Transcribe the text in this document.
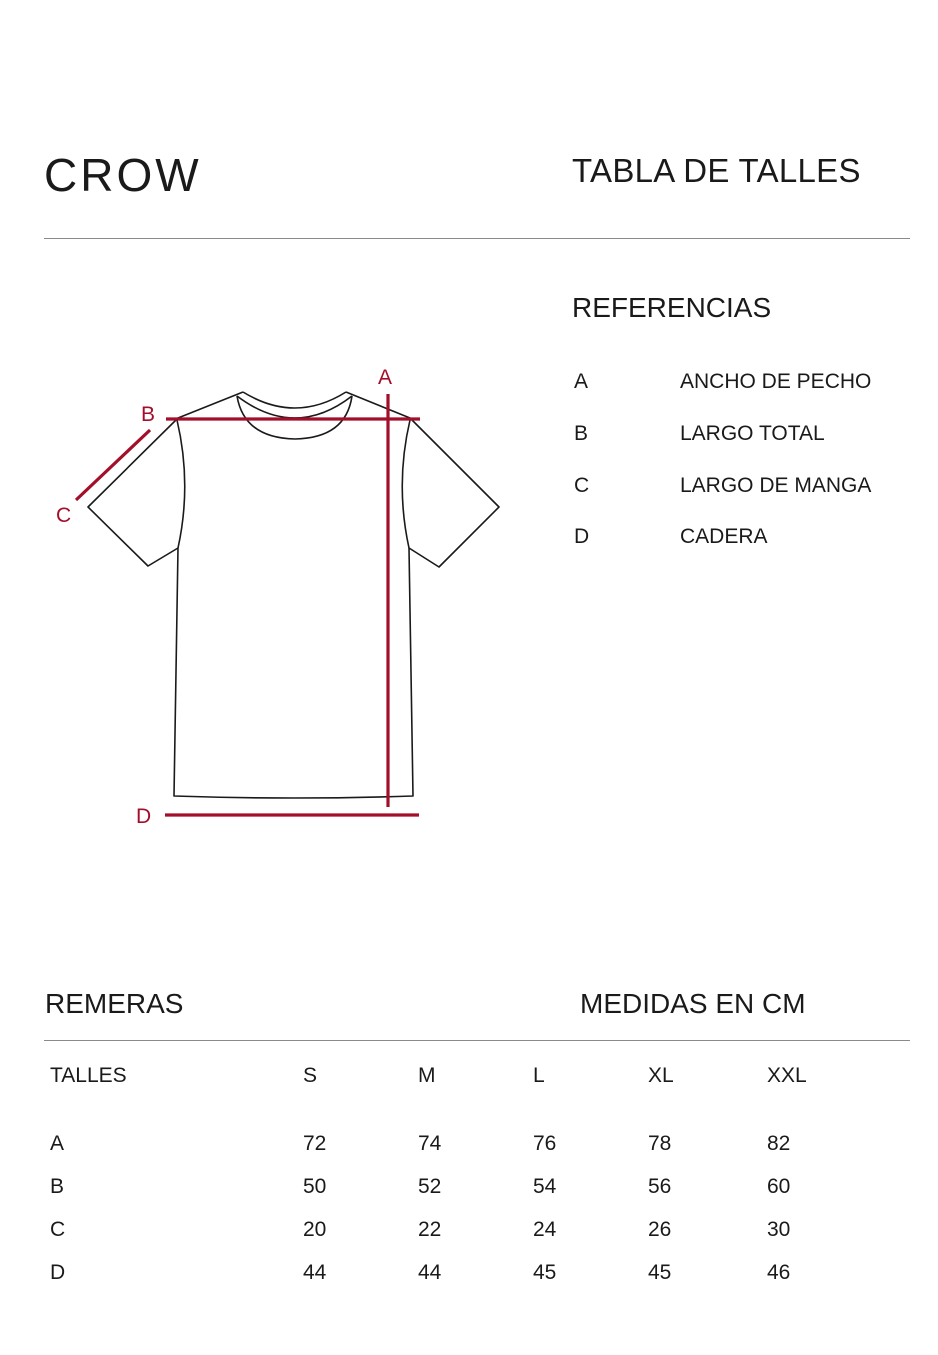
CROW	TABLA DE TALLES
REFERENCIAS
A	ANCHO DE PECHO
B	LARGO TOTAL
C	LARGO DE MANGA
D	CADERA
A
B
C
D
REMERAS	MEDIDAS EN CM
TALLES	S	M	L	XL	XXL

A	72	74	76	78	82
B	50	52	54	56	60
C	20	22	24	26	30
D	44	44	45	45	46
